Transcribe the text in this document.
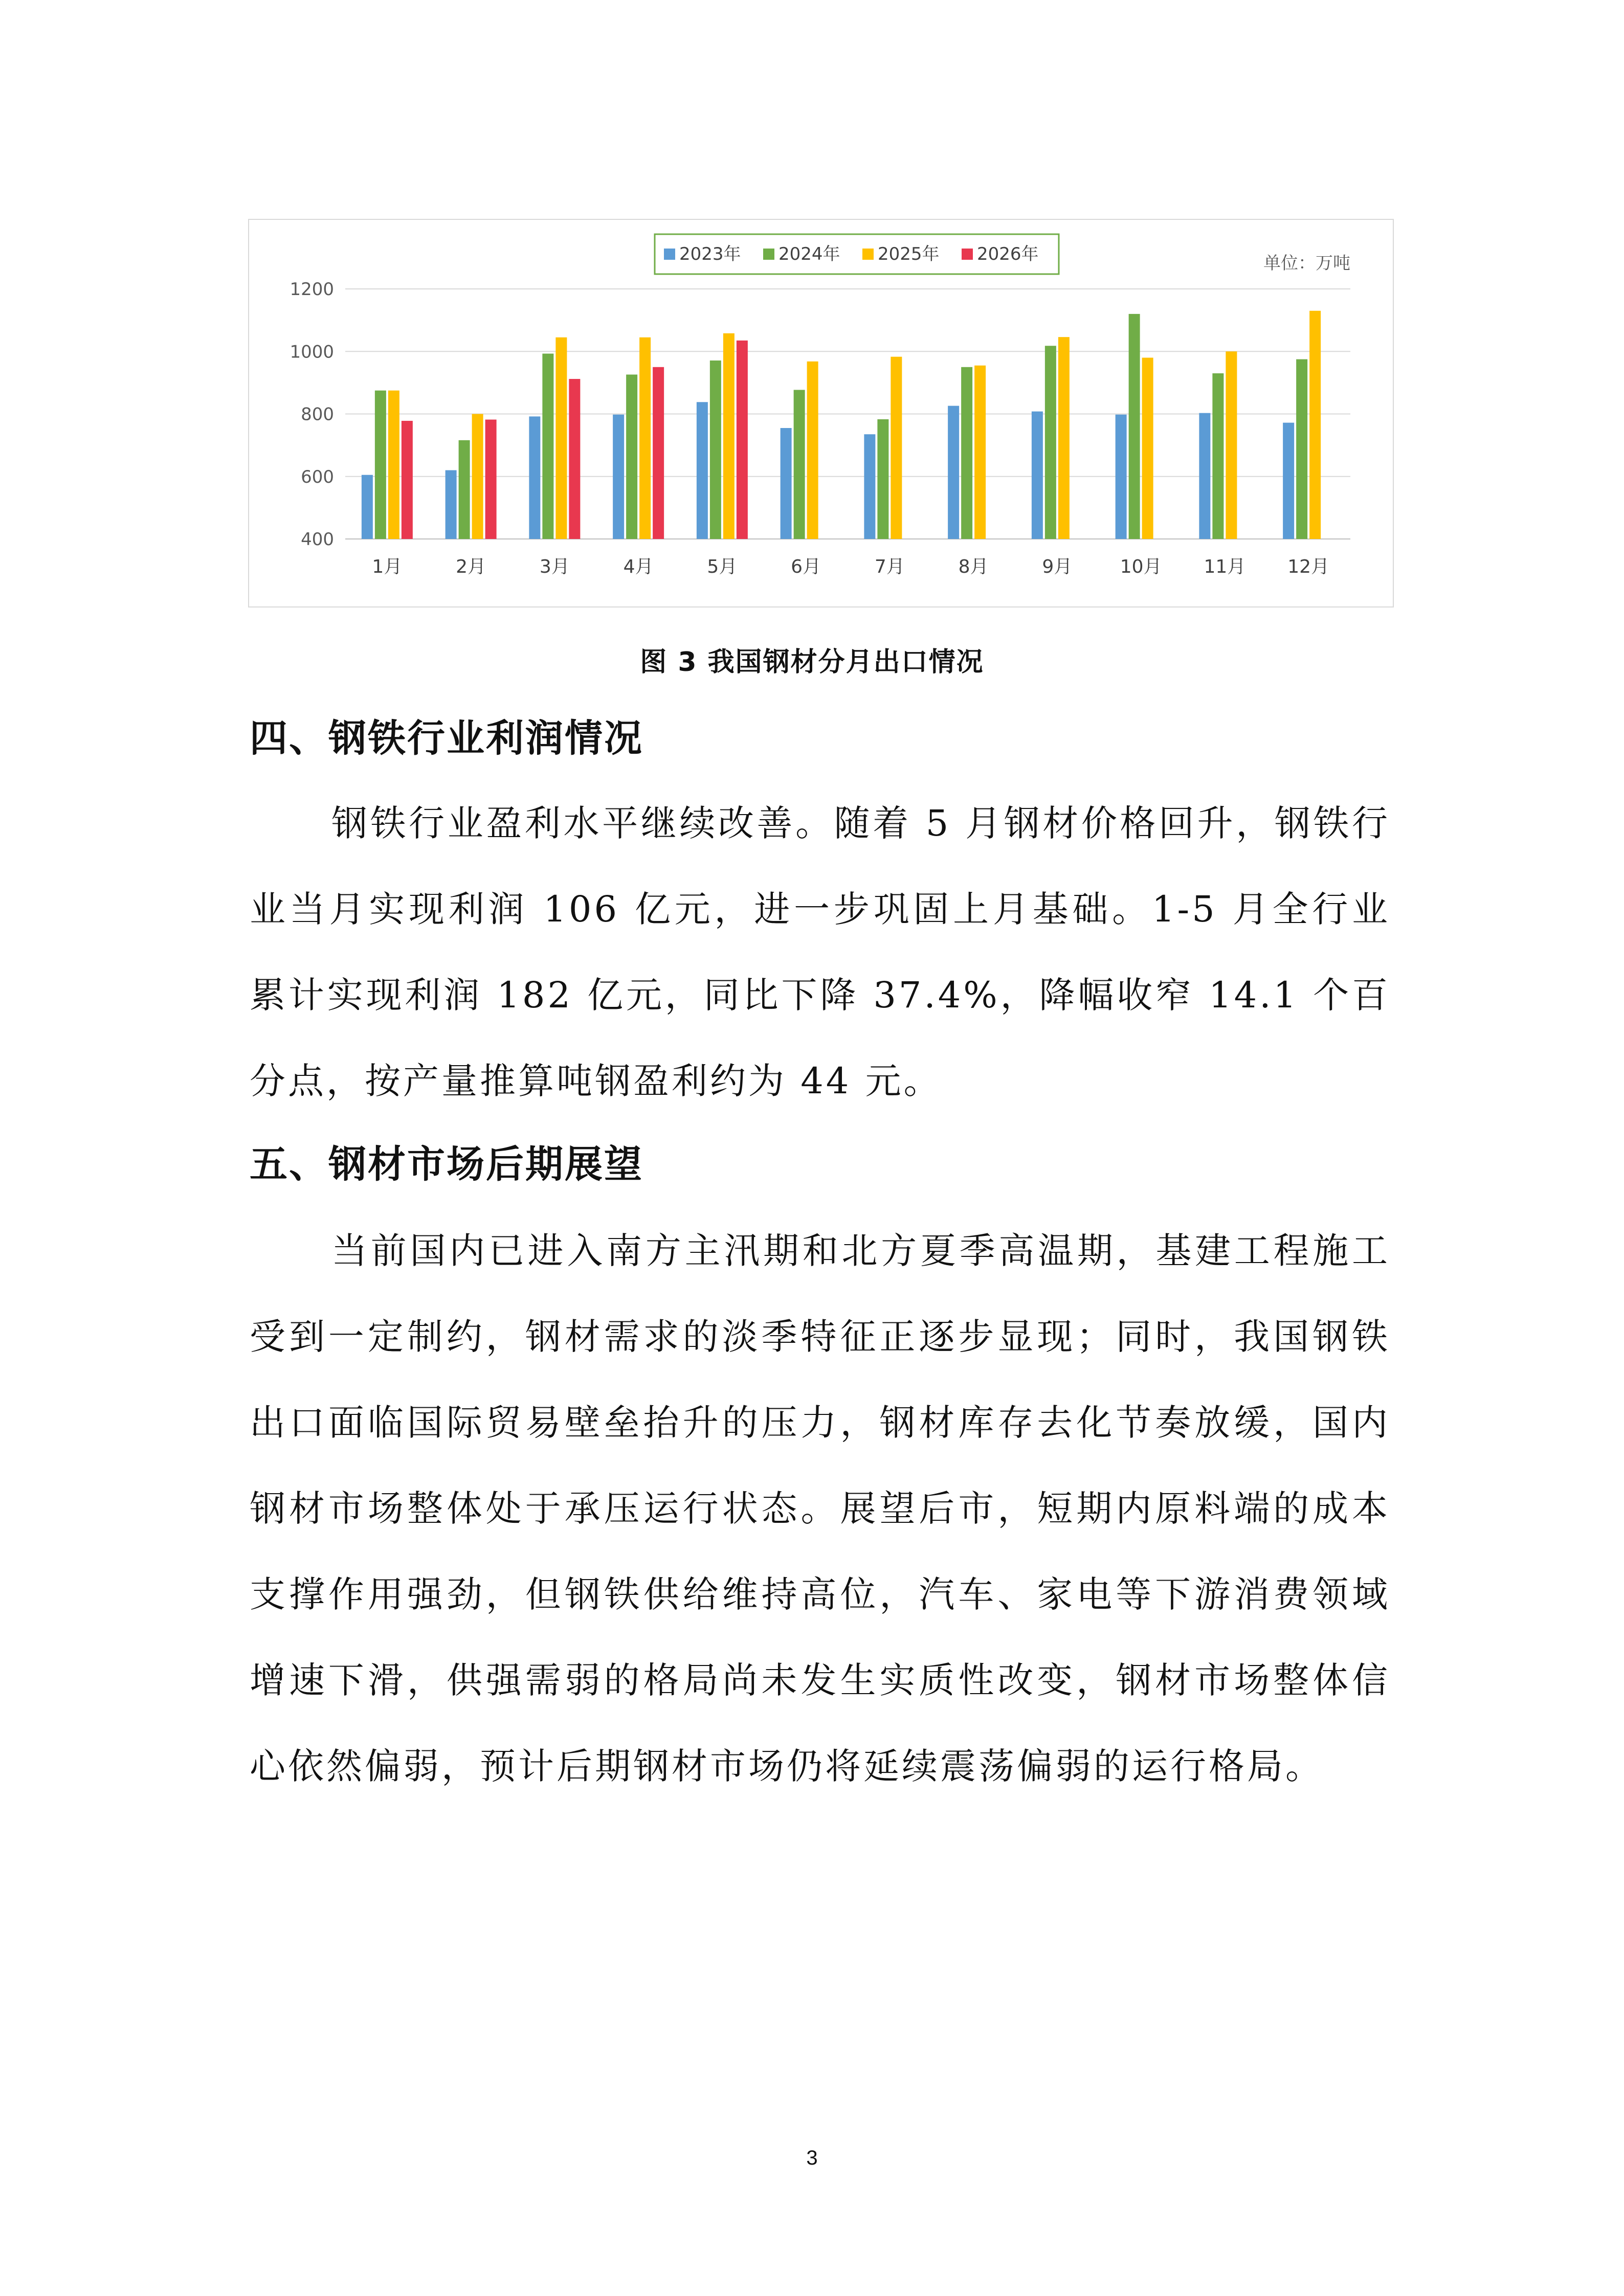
400
600
800
1000
1200
1月	2月	3月	4月	5月	6月	7月	8月	9月	10月 11月 12月
2023年 2024年 2025年 2026年	单位：万吨
图 3 我国钢材分月出口情况
四、钢铁行业利润情况
钢铁行业盈利水平继续改善。随着 5 月钢材价格回升，钢铁行业当月实现利润 106 亿元，进一步巩固上月基础。1-5 月全行业累计实现利润 182 亿元，同比下降 37.4%，降幅收窄 14.1 个百分点，按产量推算吨钢盈利约为 44 元。
五、钢材市场后期展望
当前国内已进入南方主汛期和北方夏季高温期，基建工程施工受到一定制约，钢材需求的淡季特征正逐步显现；同时，我国钢铁出口面临国际贸易壁垒抬升的压力，钢材库存去化节奏放缓，国内钢材市场整体处于承压运行状态。展望后市，短期内原料端的成本支撑作用强劲，但钢铁供给维持高位，汽车、家电等下游消费领域增速下滑，供强需弱的格局尚未发生实质性改变，钢材市场整体信心依然偏弱，预计后期钢材市场仍将延续震荡偏弱的运行格局。
3
